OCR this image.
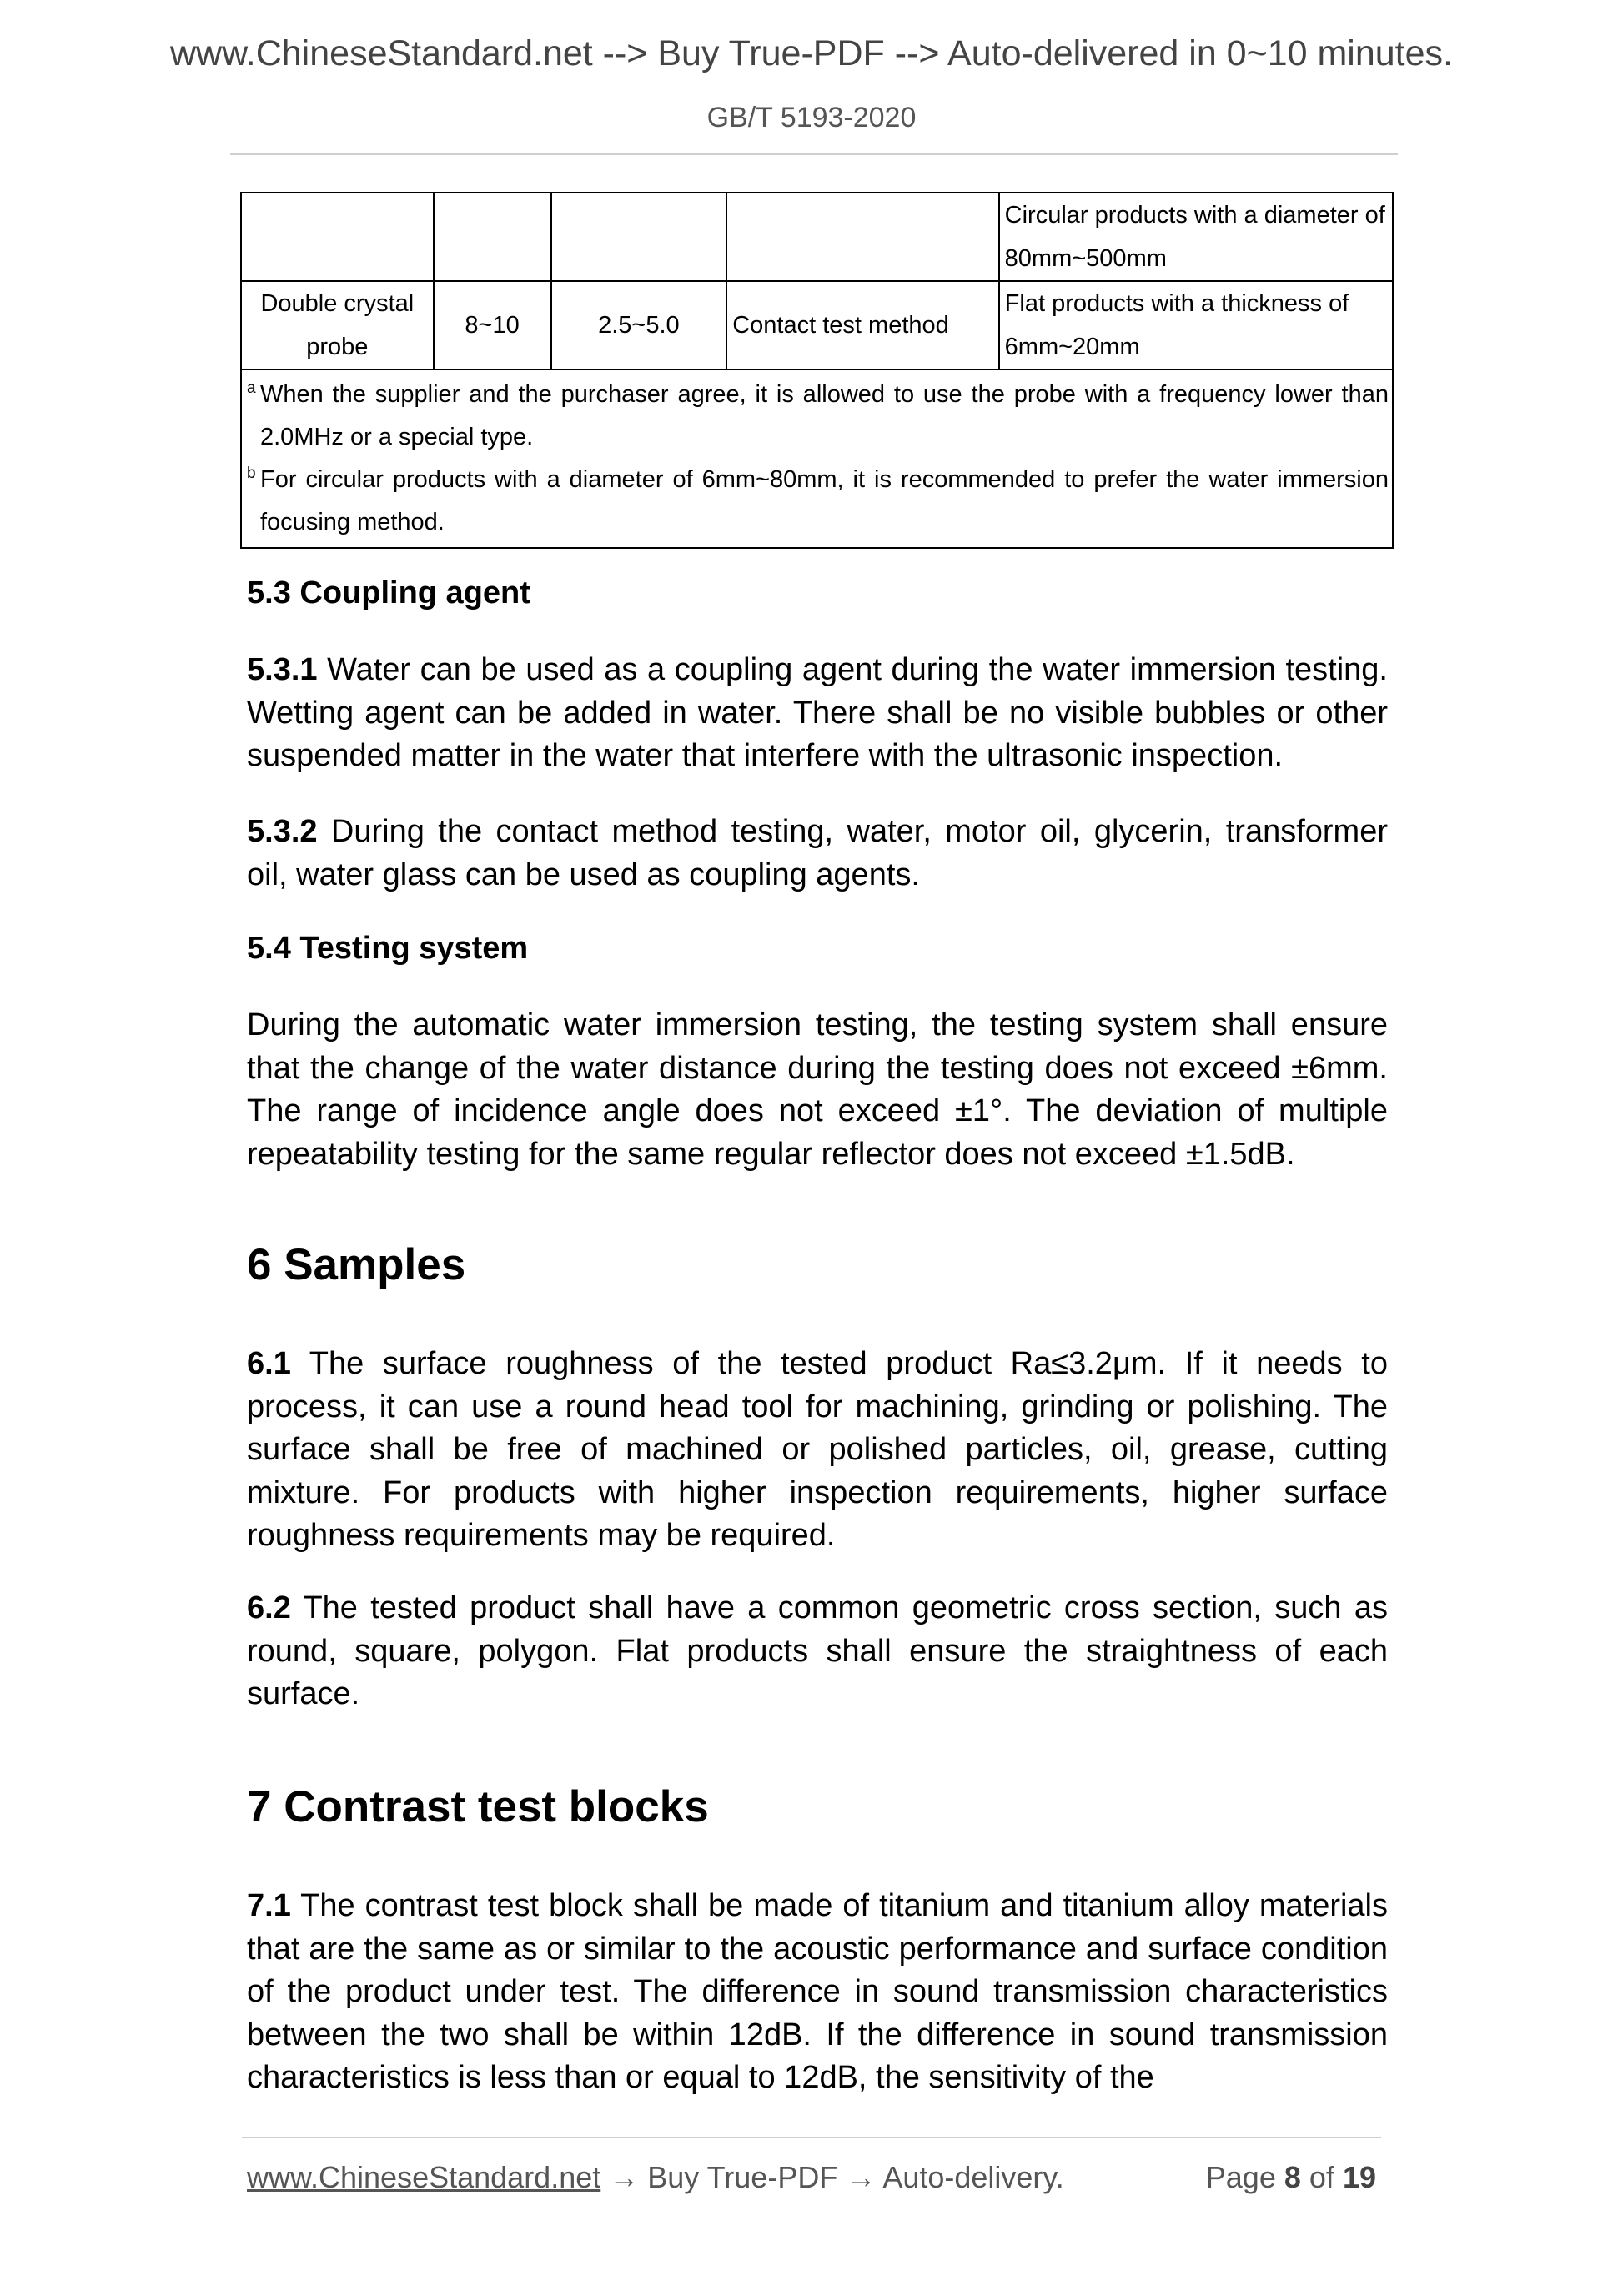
www.ChineseStandard.net --> Buy True-PDF --> Auto-delivered in 0~10 minutes.
GB/T 5193-2020
				Circular products with a diameter of 80mm~500mm
Double crystal probe	8~10	2.5~5.0	Contact test method	Flat products with a thickness of 6mm~20mm

a When the supplier and the purchaser agree, it is allowed to use the probe with a frequency lower than 2.0MHz or a special type.
b For circular products with a diameter of 6mm~80mm, it is recommended to prefer the water immersion focusing method.				
5.3 Coupling agent
5.3.1 Water can be used as a coupling agent during the water immersion testing. Wetting agent can be added in water. There shall be no visible bubbles or other suspended matter in the water that interfere with the ultrasonic inspection.
5.3.2 During the contact method testing, water, motor oil, glycerin, transformer oil, water glass can be used as coupling agents.
5.4 Testing system
During the automatic water immersion testing, the testing system shall ensure that the change of the water distance during the testing does not exceed ±6mm. The range of incidence angle does not exceed ±1°. The deviation of multiple repeatability testing for the same regular reflector does not exceed ±1.5dB.
6 Samples
6.1 The surface roughness of the tested product Ra≤3.2μm. If it needs to process, it can use a round head tool for machining, grinding or polishing. The surface shall be free of machined or polished particles, oil, grease, cutting mixture. For products with higher inspection requirements, higher surface roughness requirements may be required.
6.2 The tested product shall have a common geometric cross section, such as round, square, polygon. Flat products shall ensure the straightness of each surface.
7 Contrast test blocks
7.1 The contrast test block shall be made of titanium and titanium alloy materials that are the same as or similar to the acoustic performance and surface condition of the product under test. The difference in sound transmission characteristics between the two shall be within 12dB. If the difference in sound transmission characteristics is less than or equal to 12dB, the sensitivity of the
www.ChineseStandard.net → Buy True-PDF → Auto-delivery.	Page 8 of 19
